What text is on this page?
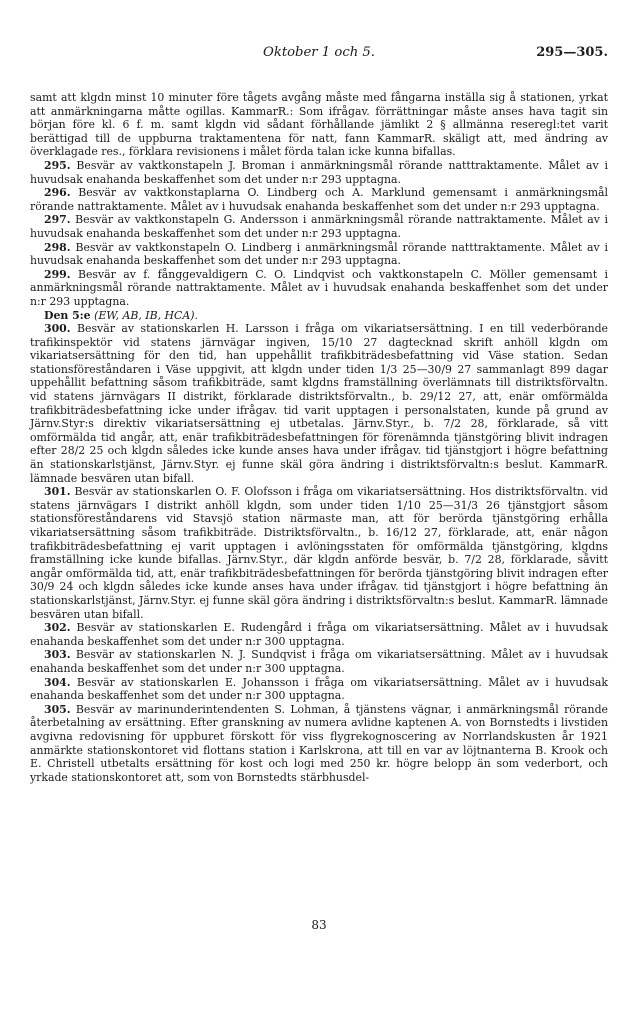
Oktober 1 och 5.	295—305.

samt att klgdn minst 10 minuter före tågets avgång måste med fångarna inställa sig å stationen, yrkat att anmärkningarna måtte ogillas. KammarR.: Som ifrågav. förrättningar måste anses hava tagit sin början före kl. 6 f. m. samt klgdn vid sådant förhållande jämlikt 2 § allmänna reseregl:tet varit berättigad till de uppburna traktamentena för natt, fann KammarR. skäligt att, med ändring av överklagade res., förklara revisionens i målet förda talan icke kunna bifallas.

295. Besvär av vaktkonstapeln J. Broman i anmärkningsmål rörande natttraktamente. Målet av i huvudsak enahanda beskaffenhet som det under n:r 293 upptagna.

296. Besvär av vaktkonstaplarna O. Lindberg och A. Marklund gemensamt i anmärkningsmål rörande nattraktamente. Målet av i huvudsak enahanda beskaffenhet som det under n:r 293 upptagna.

297. Besvär av vaktkonstapeln G. Andersson i anmärkningsmål rörande nattraktamente. Målet av i huvudsak enahanda beskaffenhet som det under n:r 293 upptagna.

298. Besvär av vaktkonstapeln O. Lindberg i anmärkningsmål rörande natttraktamente. Målet av i huvudsak enahanda beskaffenhet som det under n:r 293 upptagna.

299. Besvär av f. fånggevaldigern C. O. Lindqvist och vaktkonstapeln C. Möller gemensamt i anmärkningsmål rörande nattraktamente. Målet av i huvudsak enahanda beskaffenhet som det under n:r 293 upptagna.

Den 5:e (EW, AB, IB, HCA).

300. Besvär av stationskarlen H. Larsson i fråga om vikariatsersättning. I en till vederbörande trafikinspektör vid statens järnvägar ingiven, 15/10 27 dagtecknad skrift anhöll klgdn om vikariatsersättning för den tid, han uppehållit trafikbiträdesbefattning vid Väse station. Sedan stationsföreståndaren i Väse uppgivit, att klgdn under tiden 1/3 25—30/9 27 sammanlagt 899 dagar uppehållit befattning såsom trafikbiträde, samt klgdns framställning överlämnats till distriktsförvaltn. vid statens järnvägars II distrikt, förklarade distriktsförvaltn., b. 29/12 27, att, enär omförmälda trafikbiträdesbefattning icke under ifrågav. tid varit upptagen i personalstaten, kunde på grund av Järnv.Styr:s direktiv vikariatsersättning ej utbetalas. Järnv.Styr., b. 7/2 28, förklarade, så vitt omförmälda tid angår, att, enär trafikbiträdesbefattningen för förenämnda tjänstgöring blivit indragen efter 28/2 25 och klgdn således icke kunde anses hava under ifrågav. tid tjänstgjort i högre befattning än stationskarlstjänst, Järnv.Styr. ej funne skäl göra ändring i distriktsförvaltn:s beslut. KammarR. lämnade besvären utan bifall.

301. Besvär av stationskarlen O. F. Olofsson i fråga om vikariatsersättning. Hos distriktsförvaltn. vid statens järnvägars I distrikt anhöll klgdn, som under tiden 1/10 25—31/3 26 tjänstgjort såsom stationsföreståndarens vid Stavsjö station närmaste man, att för berörda tjänstgöring erhålla vikariatsersättning såsom trafikbiträde. Distriktsförvaltn., b. 16/12 27, förklarade, att, enär någon trafikbiträdesbefattning ej varit upptagen i avlöningsstaten för omförmälda tjänstgöring, klgdns framställning icke kunde bifallas. Järnv.Styr., där klgdn anförde besvär, b. 7/2 28, förklarade, såvitt angår omförmälda tid, att, enär trafikbiträdesbefattningen för berörda tjänstgöring blivit indragen efter 30/9 24 och klgdn således icke kunde anses hava under ifrågav. tid tjänstgjort i högre befattning än stationskarlstjänst, Järnv.Styr. ej funne skäl göra ändring i distriktsförvaltn:s beslut. KammarR. lämnade besvären utan bifall.

302. Besvär av stationskarlen E. Rudengård i fråga om vikariatsersättning. Målet av i huvudsak enahanda beskaffenhet som det under n:r 300 upptagna.

303. Besvär av stationskarlen N. J. Sundqvist i fråga om vikariatsersättning. Målet av i huvudsak enahanda beskaffenhet som det under n:r 300 upptagna.

304. Besvär av stationskarlen E. Johansson i fråga om vikariatsersättning. Målet av i huvudsak enahanda beskaffenhet som det under n:r 300 upptagna.

305. Besvär av marinunderintendenten S. Lohman, å tjänstens vägnar, i anmärkningsmål rörande återbetalning av ersättning. Efter granskning av numera avlidne kaptenen A. von Bornstedts i livstiden avgivna redovisning för uppburet förskott för viss flygrekognoscering av Norrlandskusten år 1921 anmärkte stationskontoret vid flottans station i Karlskrona, att till en var av löjtnanterna B. Krook och E. Christell utbetalts ersättning för kost och logi med 250 kr. högre belopp än som vederbort, och yrkade stationskontoret att, som von Bornstedts stärbhusdel-

83
